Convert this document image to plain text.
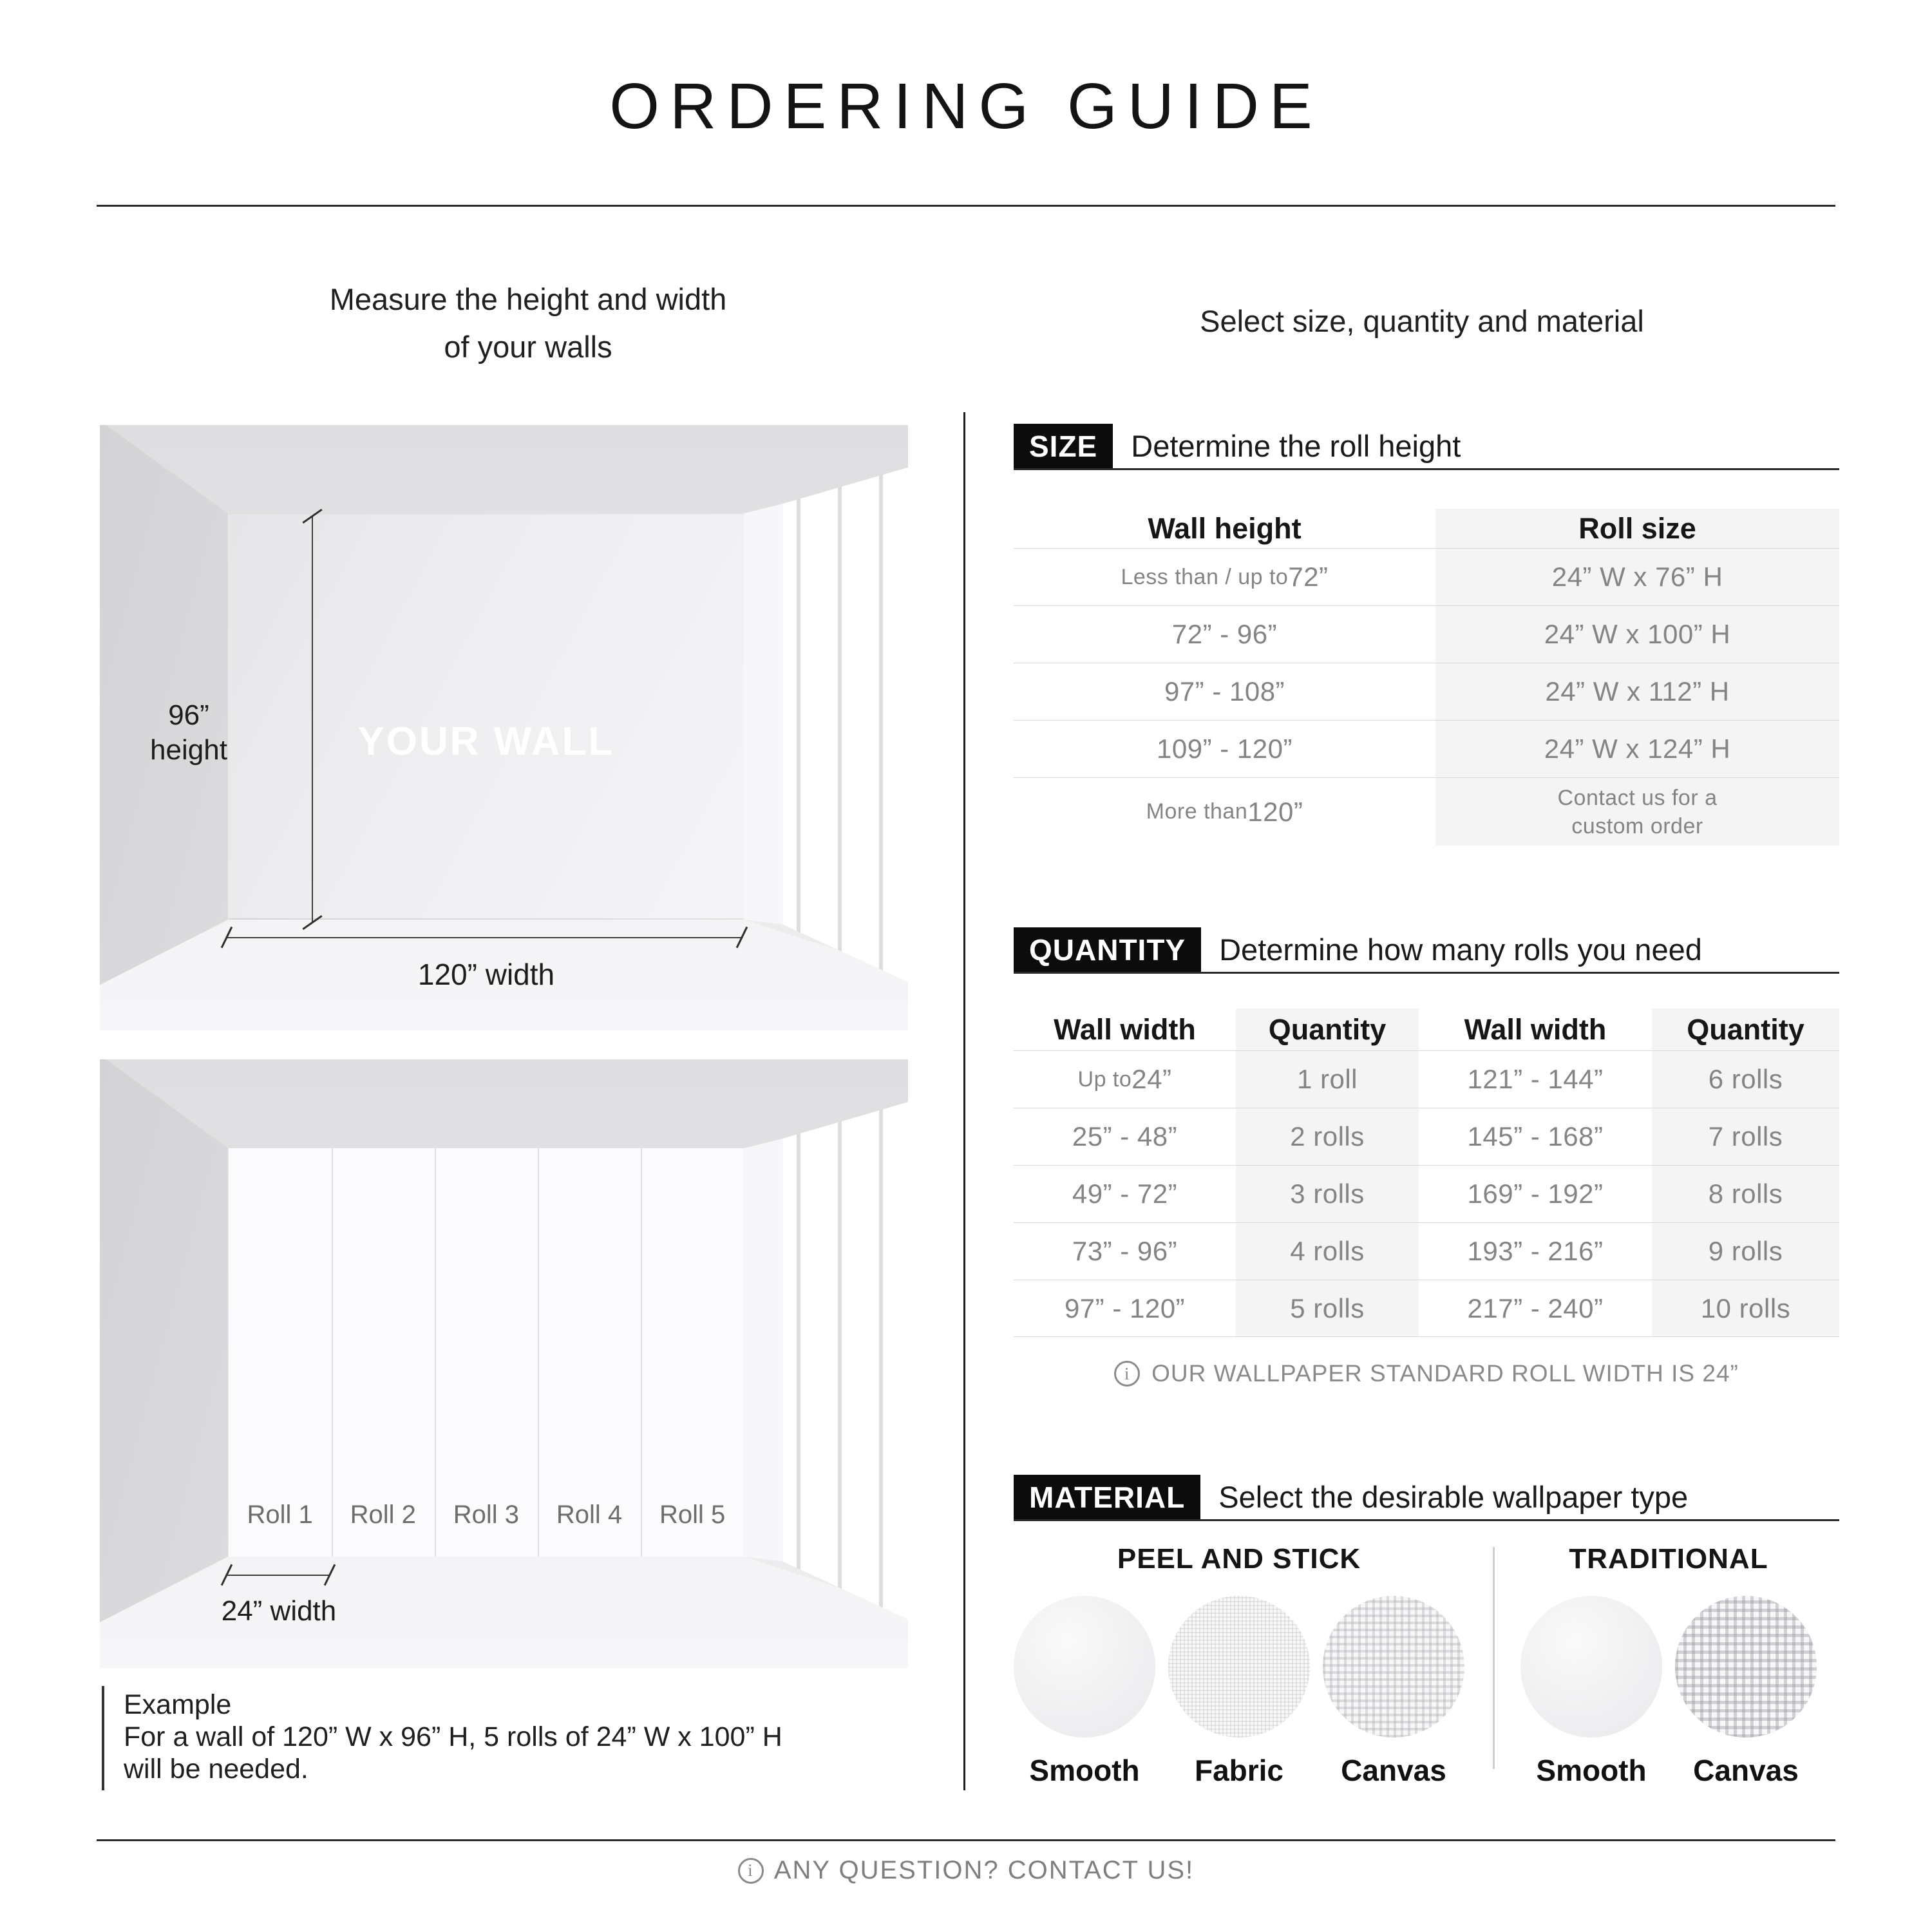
ORDERING GUIDE
Measure the height and width
of your walls
Select size, quantity and material
YOUR WALL
96”
height
120” width
Roll 1	Roll 2	Roll 3	Roll 4	Roll 5
24” width
Example
For a wall of 120” W x 96” H, 5 rolls of 24” W x 100” H
will be needed.
SIZE	Determine the roll height
Wall height	Roll size
Less than / up to 72”	24” W x 76” H
72” - 96”	24” W x 100” H
97” - 108”	24” W x 112” H
109” - 120”	24” W x 124” H
More than 120”	Contact us for a
custom order
QUANTITY	Determine how many rolls you need
Wall width	Quantity	Wall width	Quantity
Up to 24”	1 roll	121” - 144”	6 rolls
25” - 48”	2 rolls	145” - 168”	7 rolls
49” - 72”	3 rolls	169” - 192”	8 rolls
73” - 96”	4 rolls	193” - 216”	9 rolls
97” - 120”	5 rolls	217” - 240”	10 rolls
i OUR WALLPAPER STANDARD ROLL WIDTH IS 24”
MATERIAL	Select the desirable wallpaper type
PEEL AND STICK
Smooth Fabric Canvas
TRADITIONAL
Smooth Canvas
i ANY QUESTION? CONTACT US!
